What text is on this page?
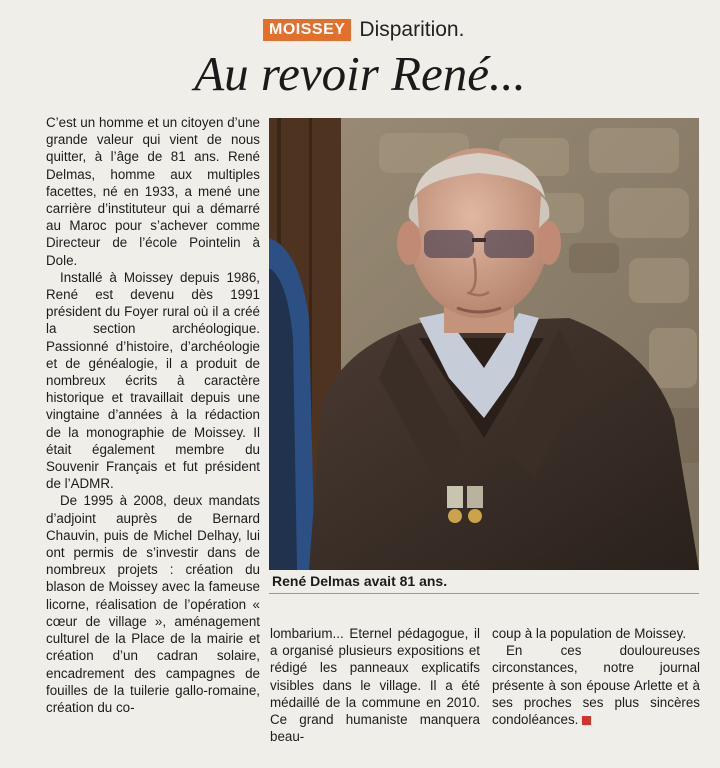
MOISSEY Disparition.
Au revoir René...

C’est un homme et un citoyen d’une grande valeur qui vient de nous quitter, à l’âge de 81 ans. René Delmas, homme aux multiples facettes, né en 1933, a mené une carrière d’instituteur qui a démarré au Maroc pour s’achever comme Directeur de l’école Pointelin à Dole.

Installé à Moissey depuis 1986, René est devenu dès 1991 président du Foyer rural où il a créé la section archéologique. Passionné d’histoire, d’archéologie et de généalogie, il a produit de nombreux écrits à caractère historique et travaillait depuis une vingtaine d’années à la rédaction de la monographie de Moissey. Il était également membre du Souvenir Français et fut président de l’ADMR.

De 1995 à 2008, deux mandats d’adjoint auprès de Bernard Chauvin, puis de Michel Delhay, lui ont permis de s’investir dans de nombreux projets : création du blason de Moissey avec la fameuse licorne, réalisation de l’opération « cœur de village », aménagement culturel de la Place de la mairie et création d’un cadran solaire, encadrement des campagnes de fouilles de la tuilerie gallo-romaine, création du co-

René Delmas avait 81 ans.

lombarium... Eternel pédagogue, il a organisé plusieurs expositions et rédigé les panneaux explicatifs visibles dans le village. Il a été médaillé de la commune en 2010. Ce grand humaniste manquera beau-

coup à la population de Moissey.

En ces douloureuses circonstances, notre journal présente à son épouse Arlette et à ses proches ses plus sincères condoléances.
